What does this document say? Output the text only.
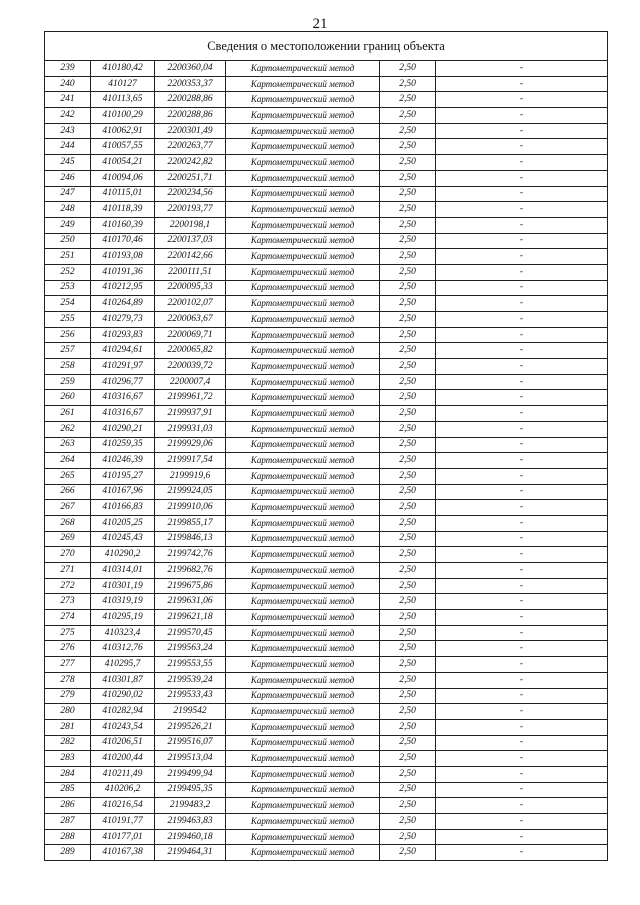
21
Сведения о местоположении границ объекта					
239	410180,42	2200360,04	Картометрический метод	2,50	-
240	410127	2200353,37	Картометрический метод	2,50	-
241	410113,65	2200288,86	Картометрический метод	2,50	-
242	410100,29	2200288,86	Картометрический метод	2,50	-
243	410062,91	2200301,49	Картометрический метод	2,50	-
244	410057,55	2200263,77	Картометрический метод	2,50	-
245	410054,21	2200242,82	Картометрический метод	2,50	-
246	410094,06	2200251,71	Картометрический метод	2,50	-
247	410115,01	2200234,56	Картометрический метод	2,50	-
248	410118,39	2200193,77	Картометрический метод	2,50	-
249	410160,39	2200198,1	Картометрический метод	2,50	-
250	410170,46	2200137,03	Картометрический метод	2,50	-
251	410193,08	2200142,66	Картометрический метод	2,50	-
252	410191,36	2200111,51	Картометрический метод	2,50	-
253	410212,95	2200095,33	Картометрический метод	2,50	-
254	410264,89	2200102,07	Картометрический метод	2,50	-
255	410279,73	2200063,67	Картометрический метод	2,50	-
256	410293,83	2200069,71	Картометрический метод	2,50	-
257	410294,61	2200065,82	Картометрический метод	2,50	-
258	410291,97	2200039,72	Картометрический метод	2,50	-
259	410296,77	2200007,4	Картометрический метод	2,50	-
260	410316,67	2199961,72	Картометрический метод	2,50	-
261	410316,67	2199937,91	Картометрический метод	2,50	-
262	410290,21	2199931,03	Картометрический метод	2,50	-
263	410259,35	2199929,06	Картометрический метод	2,50	-
264	410246,39	2199917,54	Картометрический метод	2,50	-
265	410195,27	2199919,6	Картометрический метод	2,50	-
266	410167,96	2199924,05	Картометрический метод	2,50	-
267	410166,83	2199910,06	Картометрический метод	2,50	-
268	410205,25	2199855,17	Картометрический метод	2,50	-
269	410245,43	2199846,13	Картометрический метод	2,50	-
270	410290,2	2199742,76	Картометрический метод	2,50	-
271	410314,01	2199682,76	Картометрический метод	2,50	-
272	410301,19	2199675,86	Картометрический метод	2,50	-
273	410319,19	2199631,06	Картометрический метод	2,50	-
274	410295,19	2199621,18	Картометрический метод	2,50	-
275	410323,4	2199570,45	Картометрический метод	2,50	-
276	410312,76	2199563,24	Картометрический метод	2,50	-
277	410295,7	2199553,55	Картометрический метод	2,50	-
278	410301,87	2199539,24	Картометрический метод	2,50	-
279	410290,02	2199533,43	Картометрический метод	2,50	-
280	410282,94	2199542	Картометрический метод	2,50	-
281	410243,54	2199526,21	Картометрический метод	2,50	-
282	410206,51	2199516,07	Картометрический метод	2,50	-
283	410200,44	2199513,04	Картометрический метод	2,50	-
284	410211,49	2199499,94	Картометрический метод	2,50	-
285	410206,2	2199495,35	Картометрический метод	2,50	-
286	410216,54	2199483,2	Картометрический метод	2,50	-
287	410191,77	2199463,83	Картометрический метод	2,50	-
288	410177,01	2199460,18	Картометрический метод	2,50	-
289	410167,38	2199464,31	Картометрический метод	2,50	-
